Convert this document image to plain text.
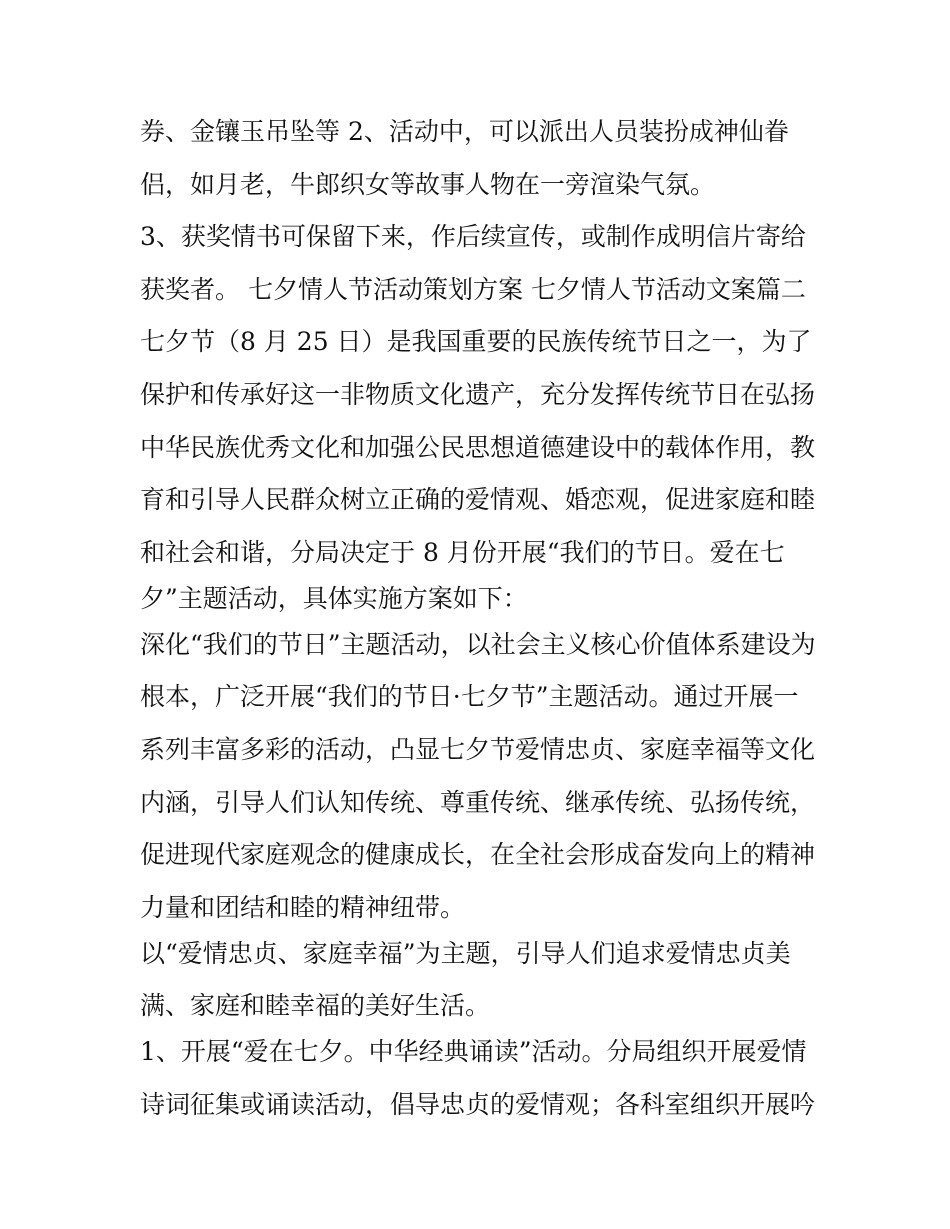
券、金镶玉吊坠等 2、活动中，可以派出人员装扮成神仙眷

侣，如月老，牛郎织女等故事人物在一旁渲染气氛。

3、获奖情书可保留下来，作后续宣传，或制作成明信片寄给

获奖者。 七夕情人节活动策划方案 七夕情人节活动文案篇二

七夕节（8 月 25 日）是我国重要的民族传统节日之一，为了

保护和传承好这一非物质文化遗产，充分发挥传统节日在弘扬

中华民族优秀文化和加强公民思想道德建设中的载体作用，教

育和引导人民群众树立正确的爱情观、婚恋观，促进家庭和睦

和社会和谐，分局决定于 8 月份开展“我们的节日。爱在七

夕”主题活动，具体实施方案如下：

深化“我们的节日”主题活动，以社会主义核心价值体系建设为

根本，广泛开展“我们的节日·七夕节”主题活动。通过开展一

系列丰富多彩的活动，凸显七夕节爱情忠贞、家庭幸福等文化

内涵，引导人们认知传统、尊重传统、继承传统、弘扬传统，

促进现代家庭观念的健康成长，在全社会形成奋发向上的精神

力量和团结和睦的精神纽带。

以“爱情忠贞、家庭幸福”为主题，引导人们追求爱情忠贞美

满、家庭和睦幸福的美好生活。

1、开展“爱在七夕。中华经典诵读”活动。分局组织开展爱情

诗词征集或诵读活动，倡导忠贞的爱情观；各科室组织开展吟
